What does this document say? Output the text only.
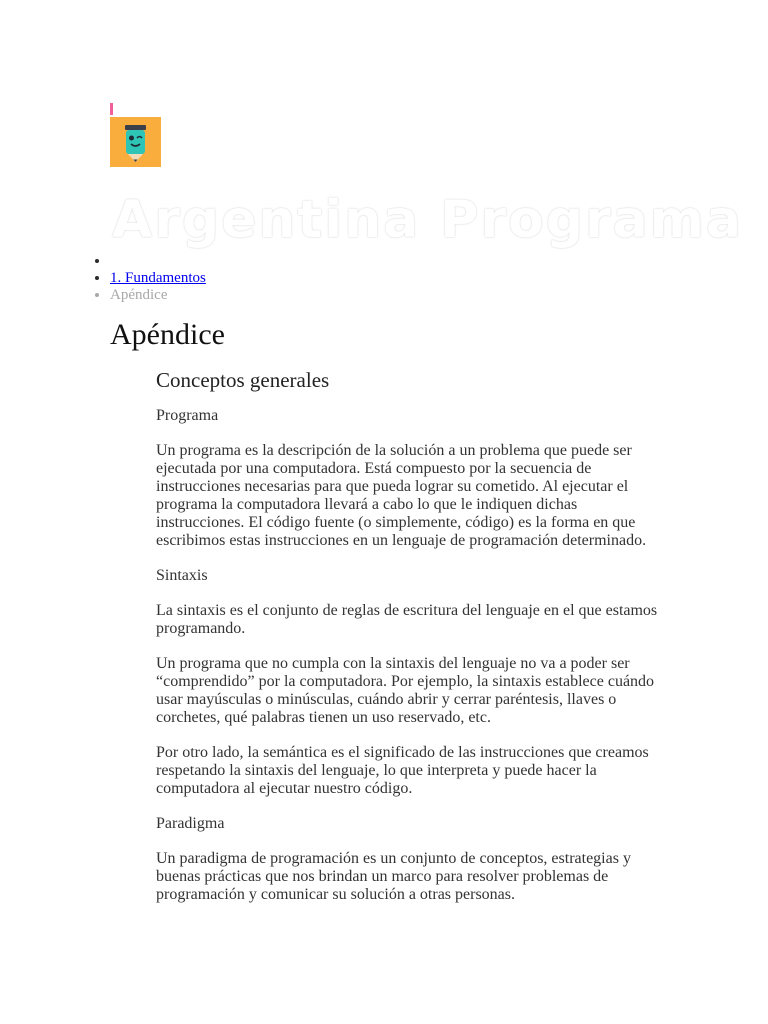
Argentina Programa
•
• 1. Fundamentos
• Apéndice
Apéndice
Conceptos generales
Programa

Un programa es la descripción de la solución a un problema que puede ser ejecutada por una computadora. Está compuesto por la secuencia de instrucciones necesarias para que pueda lograr su cometido. Al ejecutar el programa la computadora llevará a cabo lo que le indiquen dichas instrucciones. El código fuente (o simplemente, código) es la forma en que escribimos estas instrucciones en un lenguaje de programación determinado.

Sintaxis

La sintaxis es el conjunto de reglas de escritura del lenguaje en el que estamos programando.

Un programa que no cumpla con la sintaxis del lenguaje no va a poder ser “comprendido” por la computadora. Por ejemplo, la sintaxis establece cuándo usar mayúsculas o minúsculas, cuándo abrir y cerrar paréntesis, llaves o corchetes, qué palabras tienen un uso reservado, etc.

Por otro lado, la semántica es el significado de las instrucciones que creamos respetando la sintaxis del lenguaje, lo que interpreta y puede hacer la computadora al ejecutar nuestro código.

Paradigma

Un paradigma de programación es un conjunto de conceptos, estrategias y buenas prácticas que nos brindan un marco para resolver problemas de programación y comunicar su solución a otras personas.
